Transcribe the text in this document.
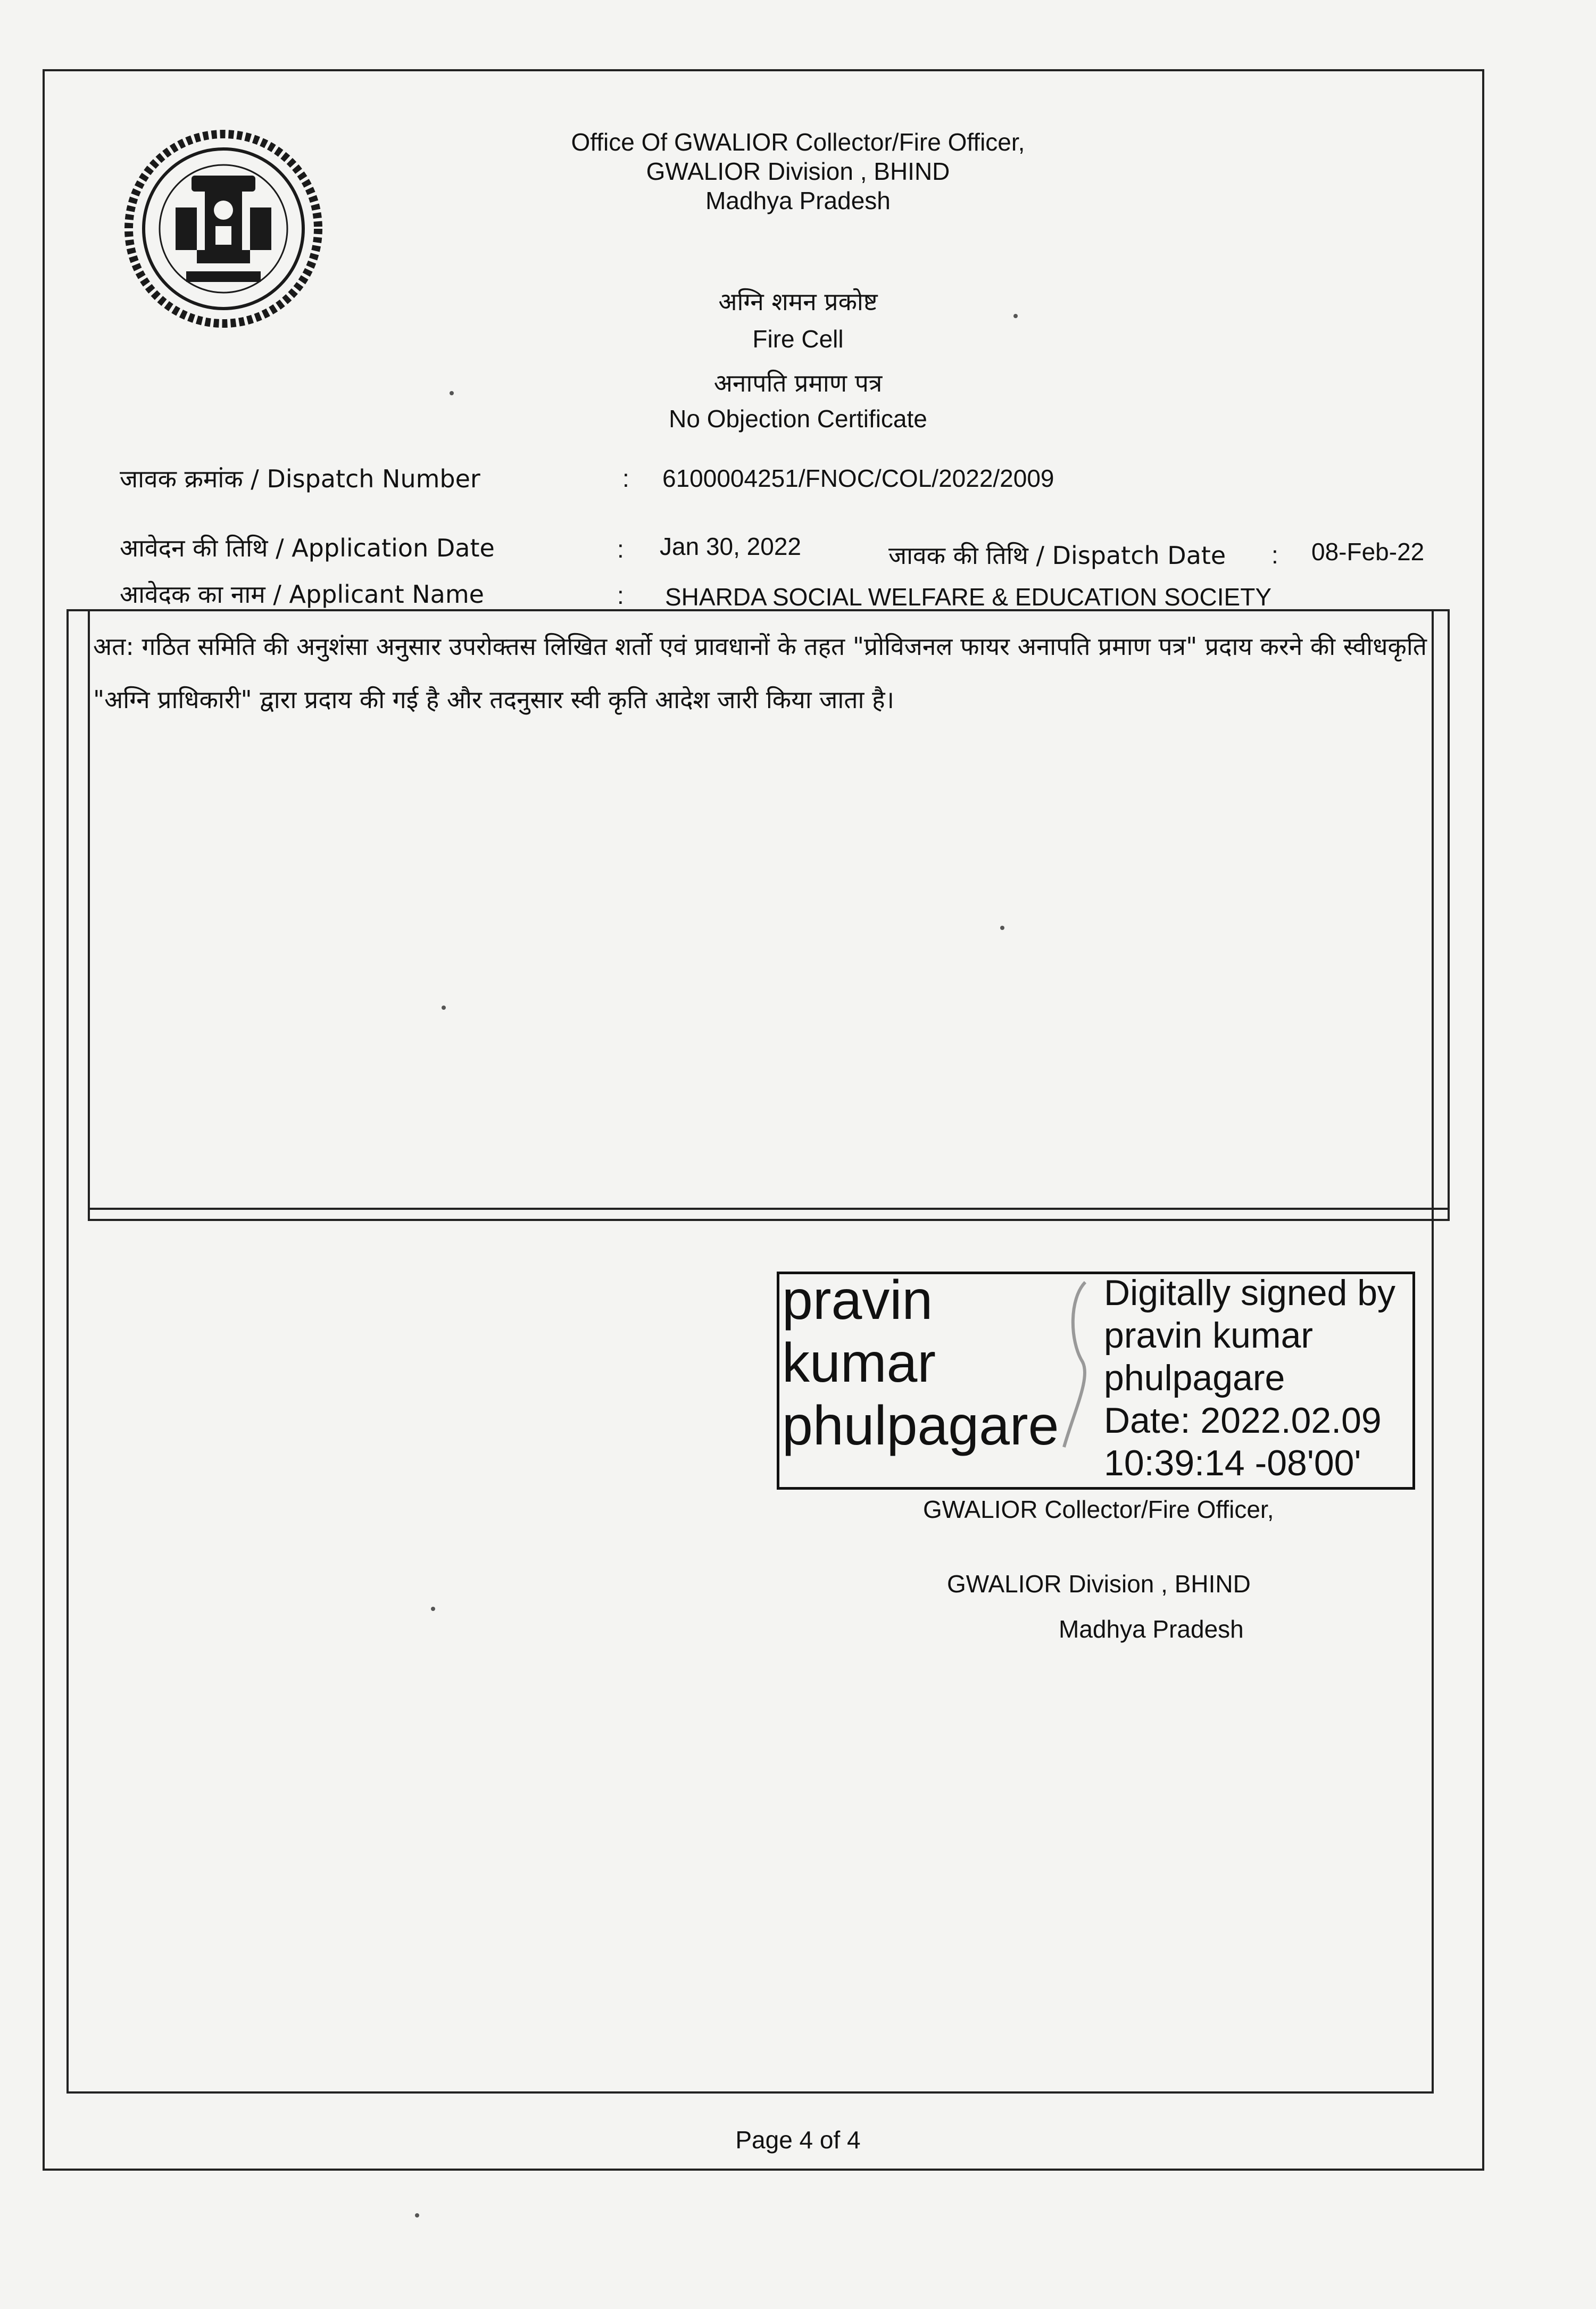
Office Of GWALIOR Collector/Fire Officer,
GWALIOR Division , BHIND
Madhya Pradesh
अग्नि शमन प्रकोष्ट
Fire Cell
अनापति प्रमाण पत्र
No Objection Certificate
जावक क्रमांक / Dispatch Number	: 6100004251/FNOC/COL/2022/2009
आवेदन की तिथि / Application Date	: Jan 30, 2022	जावक की तिथि / Dispatch Date : 08-Feb-22
आवेदक का नाम / Applicant Name	: SHARDA SOCIAL WELFARE & EDUCATION SOCIETY
अत: गठित समिति की अनुशंसा अनुसार उपरोक्तस लिखित शर्तो एवं प्रावधानों के तहत "प्रोविजनल फायर अनापति प्रमाण पत्र" प्रदाय करने की स्वीधकृति "अग्नि प्राधिकारी" द्वारा प्रदाय की गई है और तदनुसार स्वी कृति आदेश जारी किया जाता है।
pravin
kumar
phulpagare
Digitally signed by
pravin kumar
phulpagare
Date: 2022.02.09
10:39:14 -08'00'
GWALIOR Collector/Fire Officer,
GWALIOR Division , BHIND
Madhya Pradesh
Page 4 of 4
